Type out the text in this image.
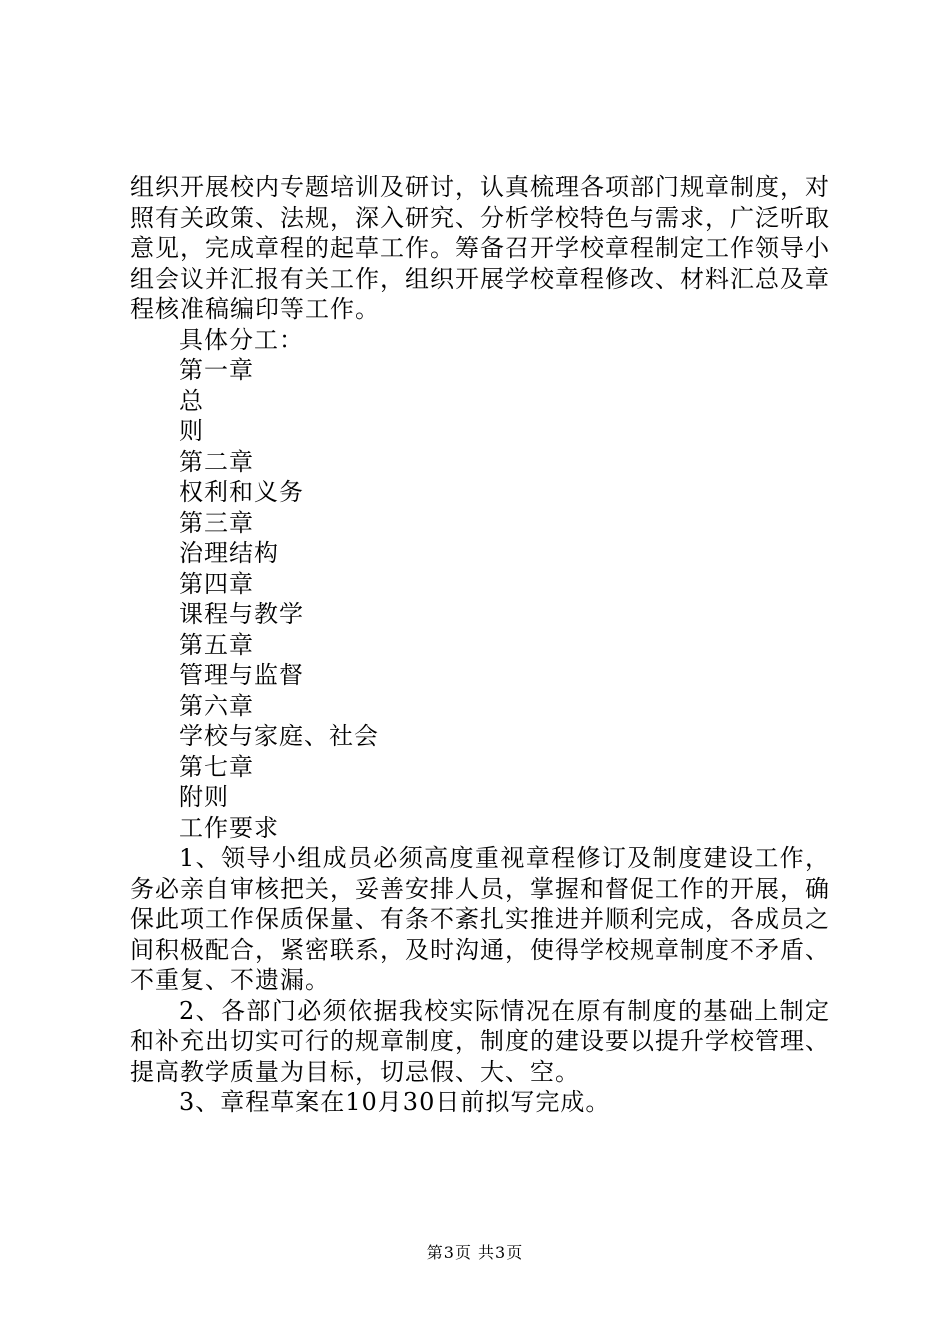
组织开展校内专题培训及研讨，认真梳理各项部门规章制度，对照有关政策、法规，深入研究、分析学校特色与需求，广泛听取意见，完成章程的起草工作。筹备召开学校章程制定工作领导小组会议并汇报有关工作，组织开展学校章程修改、材料汇总及章程核准稿编印等工作。

具体分工：

第一章

总

则

第二章

权利和义务

第三章

治理结构

第四章

课程与教学

第五章

管理与监督

第六章

学校与家庭、社会

第七章

附则

工作要求

1、领导小组成员必须高度重视章程修订及制度建设工作，务必亲自审核把关，妥善安排人员，掌握和督促工作的开展，确保此项工作保质保量、有条不紊扎实推进并顺利完成，各成员之间积极配合，紧密联系，及时沟通，使得学校规章制度不矛盾、不重复、不遗漏。

2、各部门必须依据我校实际情况在原有制度的基础上制定和补充出切实可行的规章制度，制度的建设要以提升学校管理、提高教学质量为目标，切忌假、大、空。

3、章程草案在10月30日前拟写完成。

第3页 共3页
